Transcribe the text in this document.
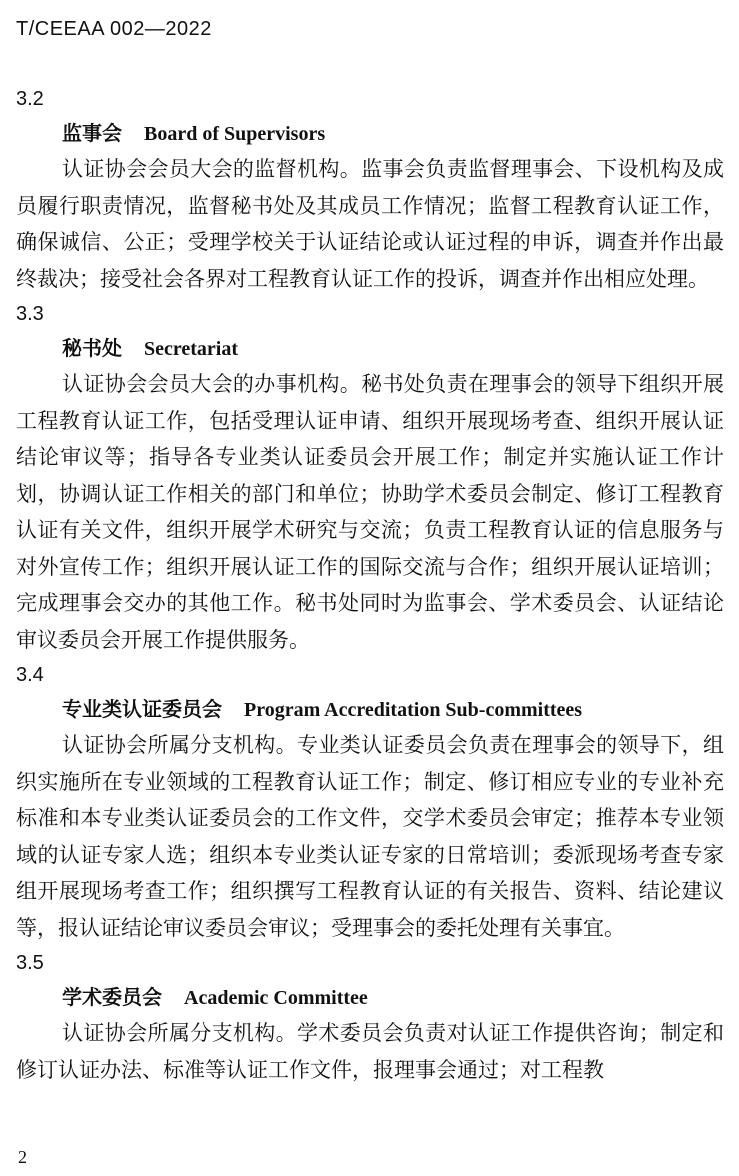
T/CEEAA 002—2022
3.2
监事会 Board of Supervisors

认证协会会员大会的监督机构。监事会负责监督理事会、下设机构及成员履行职责情况，监督秘书处及其成员工作情况；监督工程教育认证工作，确保诚信、公正；受理学校关于认证结论或认证过程的申诉，调查并作出最终裁决；接受社会各界对工程教育认证工作的投诉，调查并作出相应处理。

3.3
秘书处 Secretariat

认证协会会员大会的办事机构。秘书处负责在理事会的领导下组织开展工程教育认证工作，包括受理认证申请、组织开展现场考查、组织开展认证结论审议等；指导各专业类认证委员会开展工作；制定并实施认证工作计划，协调认证工作相关的部门和单位；协助学术委员会制定、修订工程教育认证有关文件，组织开展学术研究与交流；负责工程教育认证的信息服务与对外宣传工作；组织开展认证工作的国际交流与合作；组织开展认证培训；完成理事会交办的其他工作。秘书处同时为监事会、学术委员会、认证结论审议委员会开展工作提供服务。

3.4
专业类认证委员会 Program Accreditation Sub-committees

认证协会所属分支机构。专业类认证委员会负责在理事会的领导下，组织实施所在专业领域的工程教育认证工作；制定、修订相应专业的专业补充标准和本专业类认证委员会的工作文件，交学术委员会审定；推荐本专业领域的认证专家人选；组织本专业类认证专家的日常培训；委派现场考查专家组开展现场考查工作；组织撰写工程教育认证的有关报告、资料、结论建议等，报认证结论审议委员会审议；受理事会的委托处理有关事宜。

3.5
学术委员会 Academic Committee

认证协会所属分支机构。学术委员会负责对认证工作提供咨询；制定和修订认证办法、标准等认证工作文件，报理事会通过；对工程教

2
